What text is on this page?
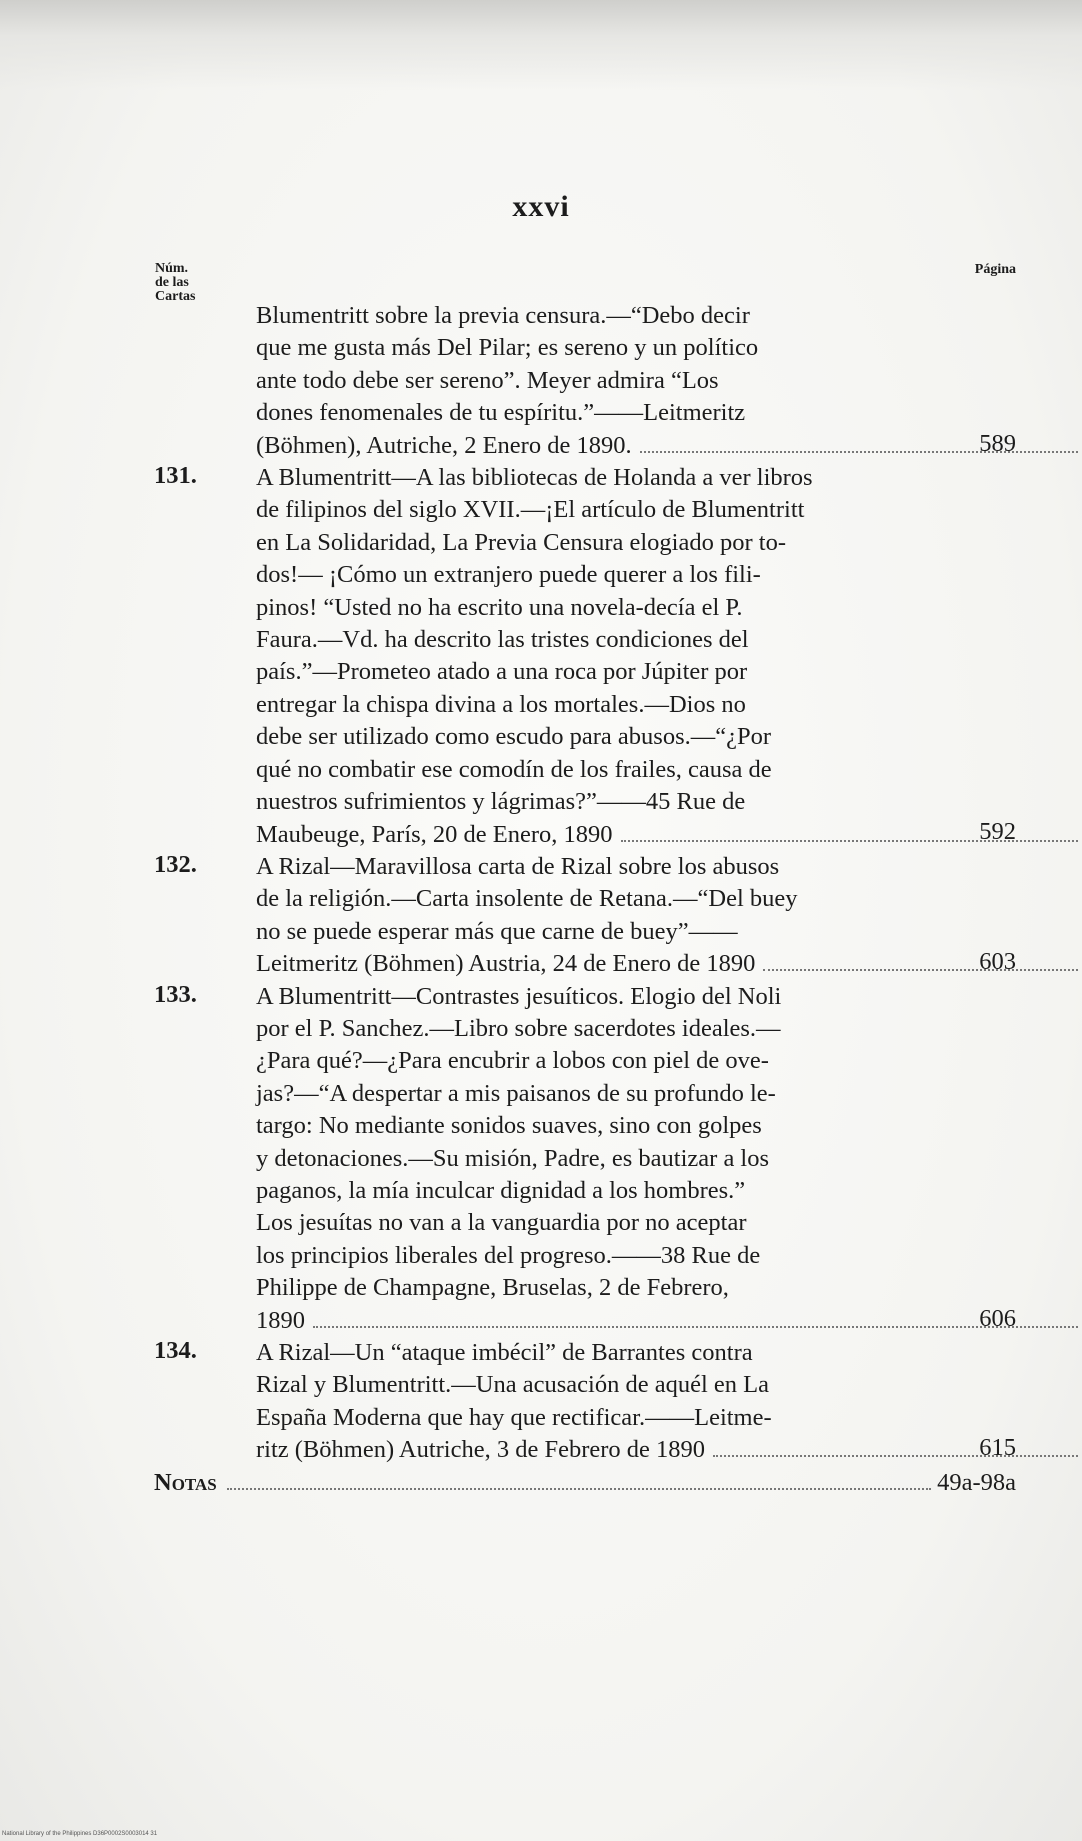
xxvi
Núm.
de las
Cartas
Página
Blumentritt sobre la previa censura.—“Debo decir
que me gusta más Del Pilar; es sereno y un político
ante todo debe ser sereno”. Meyer admira “Los
dones fenomenales de tu espíritu.”——Leitmeritz
(Böhmen), Autriche, 2 Enero de 1890.	589
131.	A Blumentritt—A las bibliotecas de Holanda a ver libros
de filipinos del siglo XVII.—¡El artículo de Blumentritt
en La Solidaridad, La Previa Censura elogiado por to-
dos!— ¡Cómo un extranjero puede querer a los fili-
pinos! “Usted no ha escrito una novela-decía el P.
Faura.—Vd. ha descrito las tristes condiciones del
país.”—Prometeo atado a una roca por Júpiter por
entregar la chispa divina a los mortales.—Dios no
debe ser utilizado como escudo para abusos.—“¿Por
qué no combatir ese comodín de los frailes, causa de
nuestros sufrimientos y lágrimas?”——45 Rue de
Maubeuge, París, 20 de Enero, 1890	592
132.	A Rizal—Maravillosa carta de Rizal sobre los abusos
de la religión.—Carta insolente de Retana.—“Del buey
no se puede esperar más que carne de buey”——
Leitmeritz (Böhmen) Austria, 24 de Enero de 1890	603
133.	A Blumentritt—Contrastes jesuíticos. Elogio del Noli
por el P. Sanchez.—Libro sobre sacerdotes ideales.—
¿Para qué?—¿Para encubrir a lobos con piel de ove-
jas?—“A despertar a mis paisanos de su profundo le-
targo: No mediante sonidos suaves, sino con golpes
y detonaciones.—Su misión, Padre, es bautizar a los
paganos, la mía inculcar dignidad a los hombres.”
Los jesuítas no van a la vanguardia por no aceptar
los principios liberales del progreso.——38 Rue de
Philippe de Champagne, Bruselas, 2 de Febrero,
1890	606
134.	A Rizal—Un “ataque imbécil” de Barrantes contra
Rizal y Blumentritt.—Una acusación de aquél en La
España Moderna que hay que rectificar.——Leitme-
ritz (Böhmen) Autriche, 3 de Febrero de 1890	615
Notas	49a-98a
National Library of the Philippines D36P0002S0003014 31
